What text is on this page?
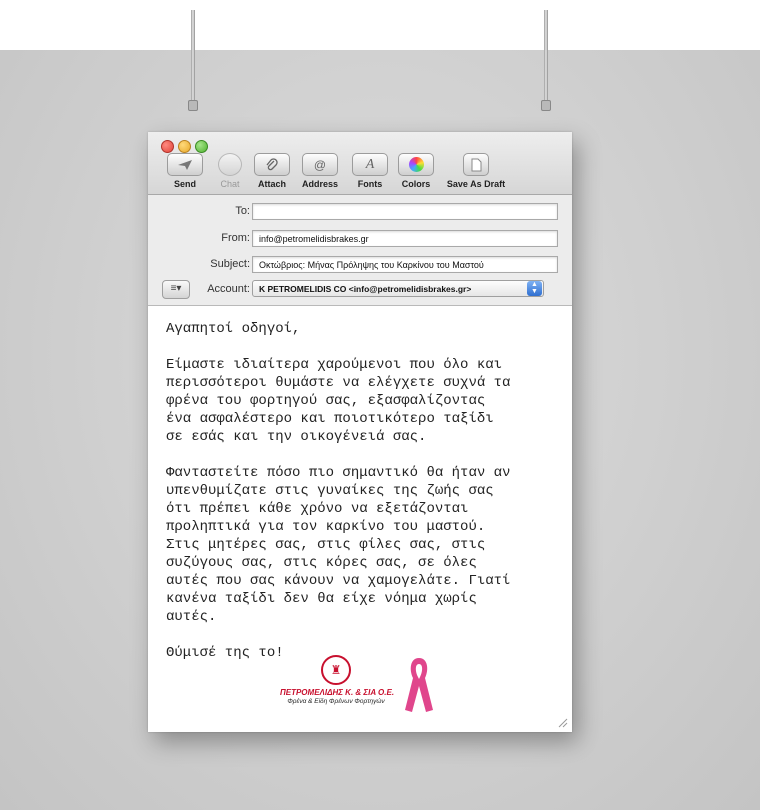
Send	Chat	Attach
@
Address
A
Fonts	Colors	Save As Draft
To:
From:	info@petromelidisbrakes.gr
Subject:	Οκτώβριος: Μήνας Πρόληψης του Καρκίνου του Μαστού
≡▾	Account:	K PETROMELIDIS CO <info@petromelidisbrakes.gr>	▲
▼

Αγαπητοί οδηγοί,

Είμαστε ιδιαίτερα χαρούμενοι που όλο και
περισσότεροι θυμάστε να ελέγχετε συχνά τα
φρένα του φορτηγού σας, εξασφαλίζοντας
ένα ασφαλέστερο και ποιοτικότερο ταξίδι
σε εσάς και την οικογένειά σας.

Φανταστείτε πόσο πιο σημαντικό θα ήταν αν
υπενθυμίζατε στις γυναίκες της ζωής σας
ότι πρέπει κάθε χρόνο να εξετάζονται
προληπτικά για τον καρκίνο του μαστού.
Στις μητέρες σας, στις φίλες σας, στις
συζύγους σας, στις κόρες σας, σε όλες
αυτές που σας κάνουν να χαμογελάτε. Γιατί
κανένα ταξίδι δεν θα είχε νόημα χωρίς
αυτές.

Θύμισέ της το!

♜
ΠΕΤΡΟΜΕΛΙΔΗΣ Κ. & ΣΙΑ Ο.Ε.
Φρένα & Είδη Φρένων Φορτηγών
